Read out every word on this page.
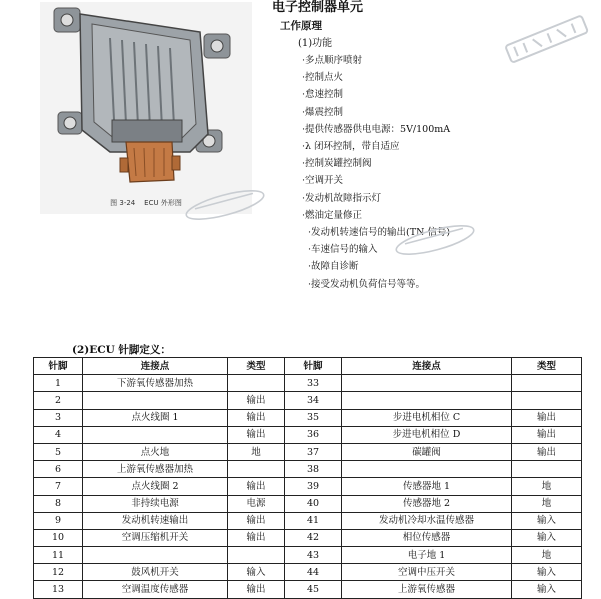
图 3-24 ECU 外形图
电子控制器单元
工作原理
(1)功能
·多点顺序喷射
·控制点火
·怠速控制
·爆震控制
·提供传感器供电电源：5V/100mA
·λ 闭环控制，带自适应
·控制炭罐控制阀
·空调开关
·发动机故障指示灯
·燃油定量修正
·发动机转速信号的输出(TN 信号)
·车速信号的输入
·故障自诊断
·接受发动机负荷信号等等。
(2)ECU 针脚定义：
针脚	连接点	类型	针脚	连接点	类型
1	下游氧传感器加热		33		
2		输出	34		
3	点火线圈 1	输出	35	步进电机相位 C	输出
4		输出	36	步进电机相位 D	输出
5	点火地	地	37	碳罐阀	输出
6	上游氧传感器加热		38		
7	点火线圈 2	输出	39	传感器地 1	地
8	非持续电源	电源	40	传感器地 2	地
9	发动机转速输出	输出	41	发动机冷却水温传感器	输入
10	空调压缩机开关	输出	42	相位传感器	输入
11			43	电子地 1	地
12	鼓风机开关	输入	44	空调中压开关	输入
13	空调温度传感器	输出	45	上游氧传感器	输入
